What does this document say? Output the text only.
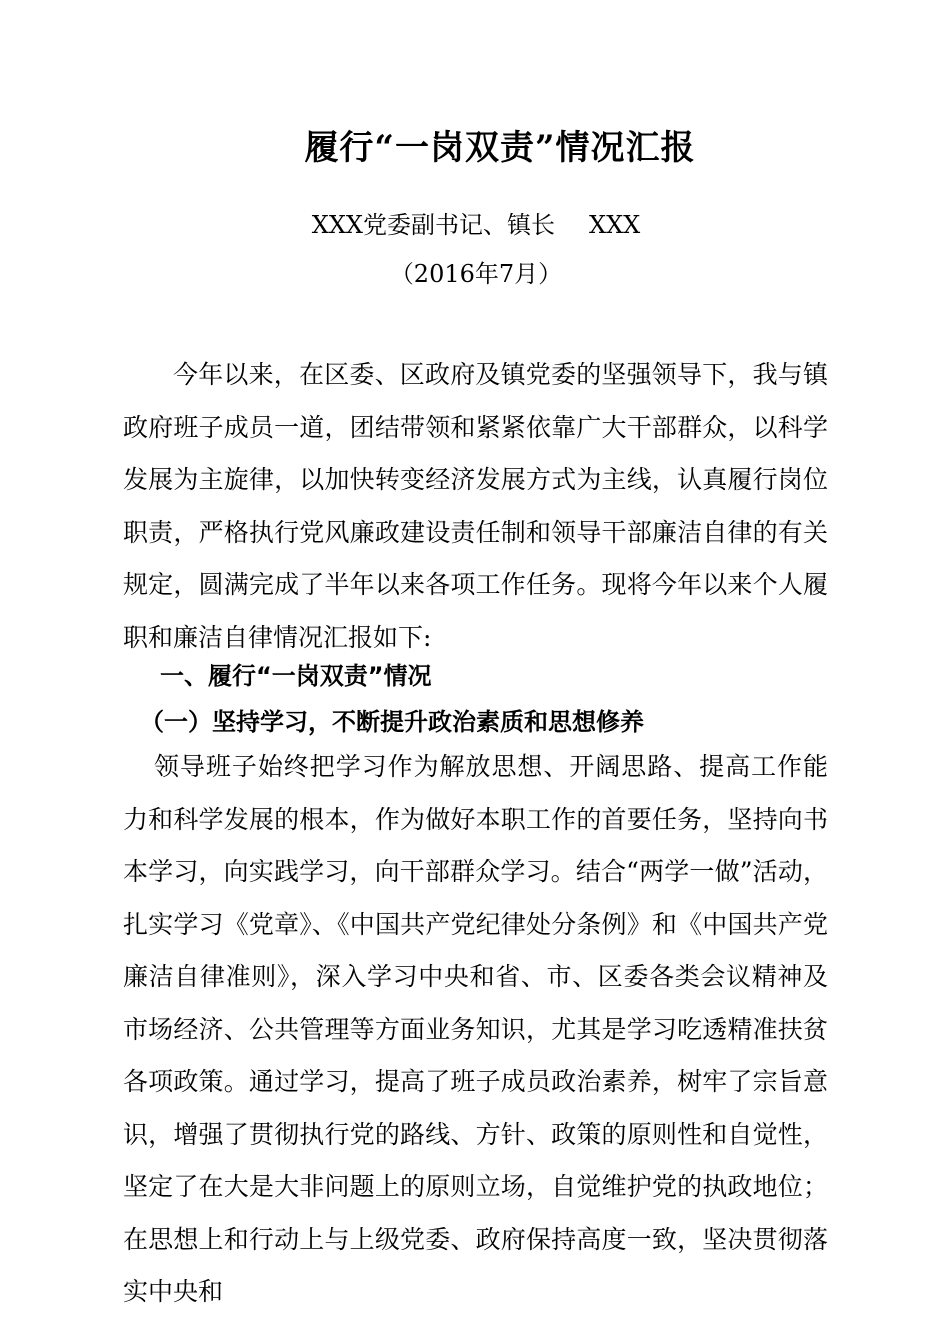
履行“一岗双责”情况汇报

XXX党委副书记、镇长 XXX

（2016年7月）

今年以来，在区委、区政府及镇党委的坚强领导下，我与镇政府班子成员一道，团结带领和紧紧依靠广大干部群众，以科学发展为主旋律，以加快转变经济发展方式为主线，认真履行岗位职责，严格执行党风廉政建设责任制和领导干部廉洁自律的有关规定，圆满完成了半年以来各项工作任务。现将今年以来个人履职和廉洁自律情况汇报如下:

一、履行“一岗双责”情况
（一）坚持学习，不断提升政治素质和思想修养

领导班子始终把学习作为解放思想、开阔思路、提高工作能力和科学发展的根本，作为做好本职工作的首要任务，坚持向书本学习，向实践学习，向干部群众学习。结合“两学一做”活动，扎实学习《党章》、《中国共产党纪律处分条例》和《中国共产党廉洁自律准则》，深入学习中央和省、市、区委各类会议精神及市场经济、公共管理等方面业务知识，尤其是学习吃透精准扶贫各项政策。通过学习，提高了班子成员政治素养，树牢了宗旨意识，增强了贯彻执行党的路线、方针、政策的原则性和自觉性，坚定了在大是大非问题上的原则立场，自觉维护党的执政地位；在思想上和行动上与上级党委、政府保持高度一致，坚决贯彻落实中央和
